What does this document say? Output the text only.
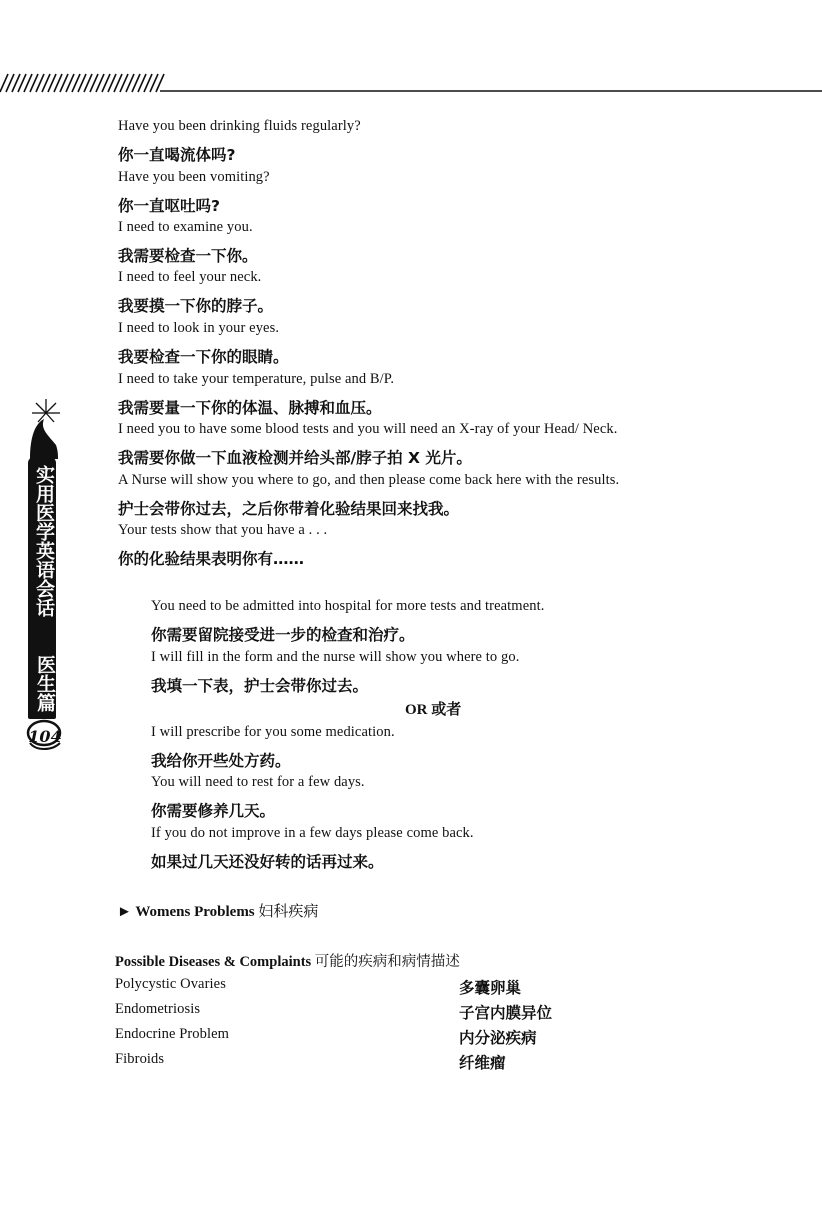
Have you been drinking fluids regularly?
你一直喝流体吗?
Have you been vomiting?
你一直呕吐吗?
I need to examine you.
我需要检查一下你。
I need to feel your neck.
我要摸一下你的脖子。
I need to look in your eyes.
我要检查一下你的眼睛。
I need to take your temperature, pulse and B/P.
我需要量一下你的体温、脉搏和血压。
I need you to have some blood tests and you will need an X-ray of your Head/ Neck.
我需要你做一下血液检测并给头部/脖子拍 X 光片。
A Nurse will show you where to go, and then please come back here with the results.
护士会带你过去，之后你带着化验结果回来找我。
Your tests show that you have a . . .
你的化验结果表明你有……
You need to be admitted into hospital for more tests and treatment.
你需要留院接受进一步的检查和治疗。
I will fill in the form and the nurse will show you where to go.
我填一下表，护士会带你过去。
OR 或者
I will prescribe for you some medication.
我给你开些处方药。
You will need to rest for a few days.
你需要修养几天。
If you do not improve in a few days please come back.
如果过几天还没好转的话再过来。
► Womens Problems 妇科疾病
Possible Diseases & Complaints 可能的疾病和病情描述
Polycystic Ovaries	多囊卵巢
Endometriosis	子宫内膜异位
Endocrine Problem	内分泌疾病
Fibroids	纤维瘤
实用医学英语会话
医生篇
104
